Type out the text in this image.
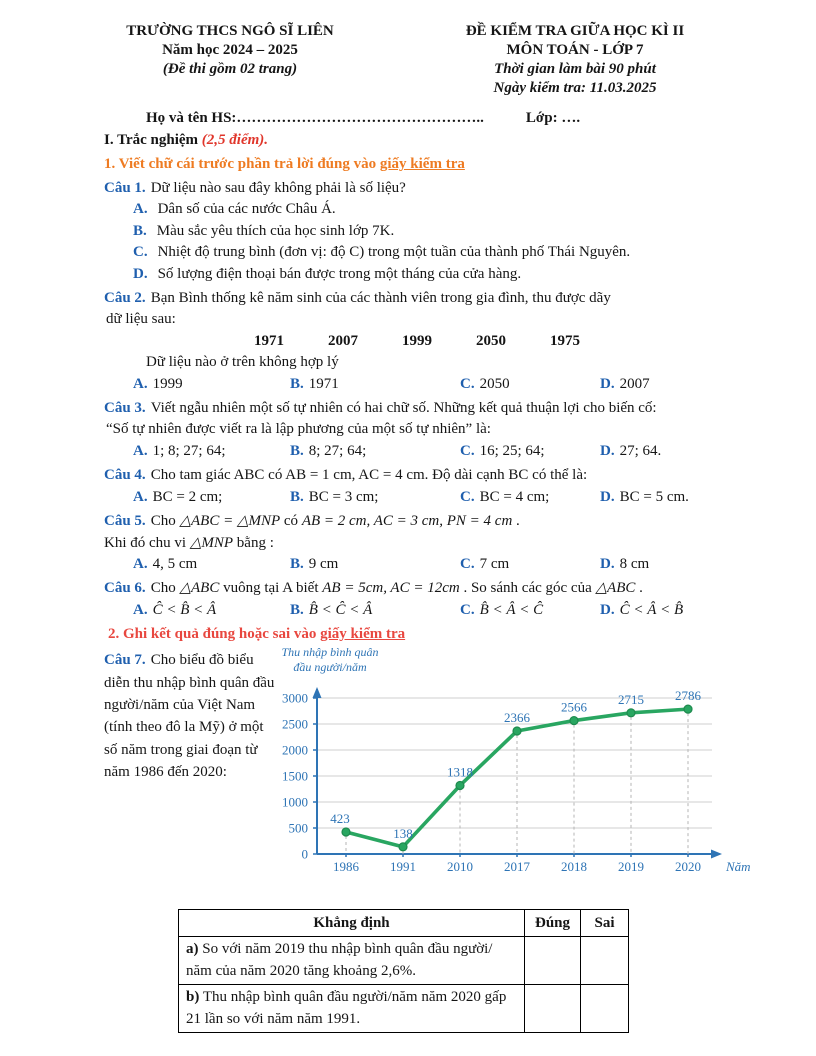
TRƯỜNG THCS NGÔ SĨ LIÊN
Năm học 2024 – 2025
(Đề thi gồm 02 trang)
ĐỀ KIỂM TRA GIỮA HỌC KÌ II
MÔN TOÁN - LỚP 7
Thời gian làm bài 90 phút
Ngày kiểm tra: 11.03.2025
Họ và tên HS:…………………………………………..	Lớp: ….
I. Trắc nghiệm (2,5 điểm).
1. Viết chữ cái trước phần trả lời đúng vào giấy kiểm tra
Câu 1. Dữ liệu nào sau đây không phải là số liệu?
A. Dân số của các nước Châu Á.
B. Màu sắc yêu thích của học sinh lớp 7K.
C. Nhiệt độ trung bình (đơn vị: độ C) trong một tuần của thành phố Thái Nguyên.
D. Số lượng điện thoại bán được trong một tháng của cửa hàng.
Câu 2. Bạn Bình thống kê năm sinh của các thành viên trong gia đình, thu được dãy
dữ liệu sau:
1971	2007	1999	2050	1975
Dữ liệu nào ở trên không hợp lý
A. 1999	B. 1971	C. 2050	D. 2007
Câu 3. Viết ngẫu nhiên một số tự nhiên có hai chữ số. Những kết quả thuận lợi cho biến cố:
“Số tự nhiên được viết ra là lập phương của một số tự nhiên” là:
A. 1; 8; 27; 64;	B. 8; 27; 64;	C. 16; 25; 64;	D. 27; 64.
Câu 4. Cho tam giác ABC có AB = 1 cm, AC = 4 cm. Độ dài cạnh BC có thể là:
A. BC = 2 cm;	B. BC = 3 cm;	C. BC = 4 cm;	D. BC = 5 cm.
Câu 5. Cho △ABC = △MNP có AB = 2 cm, AC = 3 cm, PN = 4 cm .
Khi đó chu vi △MNP bằng :
A. 4, 5 cm	B. 9 cm	C. 7 cm	D. 8 cm
Câu 6. Cho △ABC vuông tại A biết AB = 5cm, AC = 12cm . So sánh các góc của △ABC .
A. Ĉ < B̂ < Â	B. B̂ < Ĉ < Â	C. B̂ < Â < Ĉ	D. Ĉ < Â < B̂
2. Ghi kết quả đúng hoặc sai vào giấy kiểm tra
Câu 7. Cho biểu đồ biểu diễn thu nhập bình quân đầu người/năm của Việt Nam (tính theo đô la Mỹ) ở một số năm trong giai đoạn từ năm 1986 đến 2020:
Thu nhập bình quân
đầu người/năm
0
500
1000
1500
2000
2500
3000
1986 1991 2010 2017 2018 2019 2020
423
138
1318
2366
2566
2715 2786
Năm
Khẳng định	Đúng	Sai
a) So với năm 2019 thu nhập bình quân đầu người/ năm của năm 2020 tăng khoảng 2,6%.		
b) Thu nhập bình quân đầu người/năm năm 2020 gấp 21 lần so với năm năm 1991.		
